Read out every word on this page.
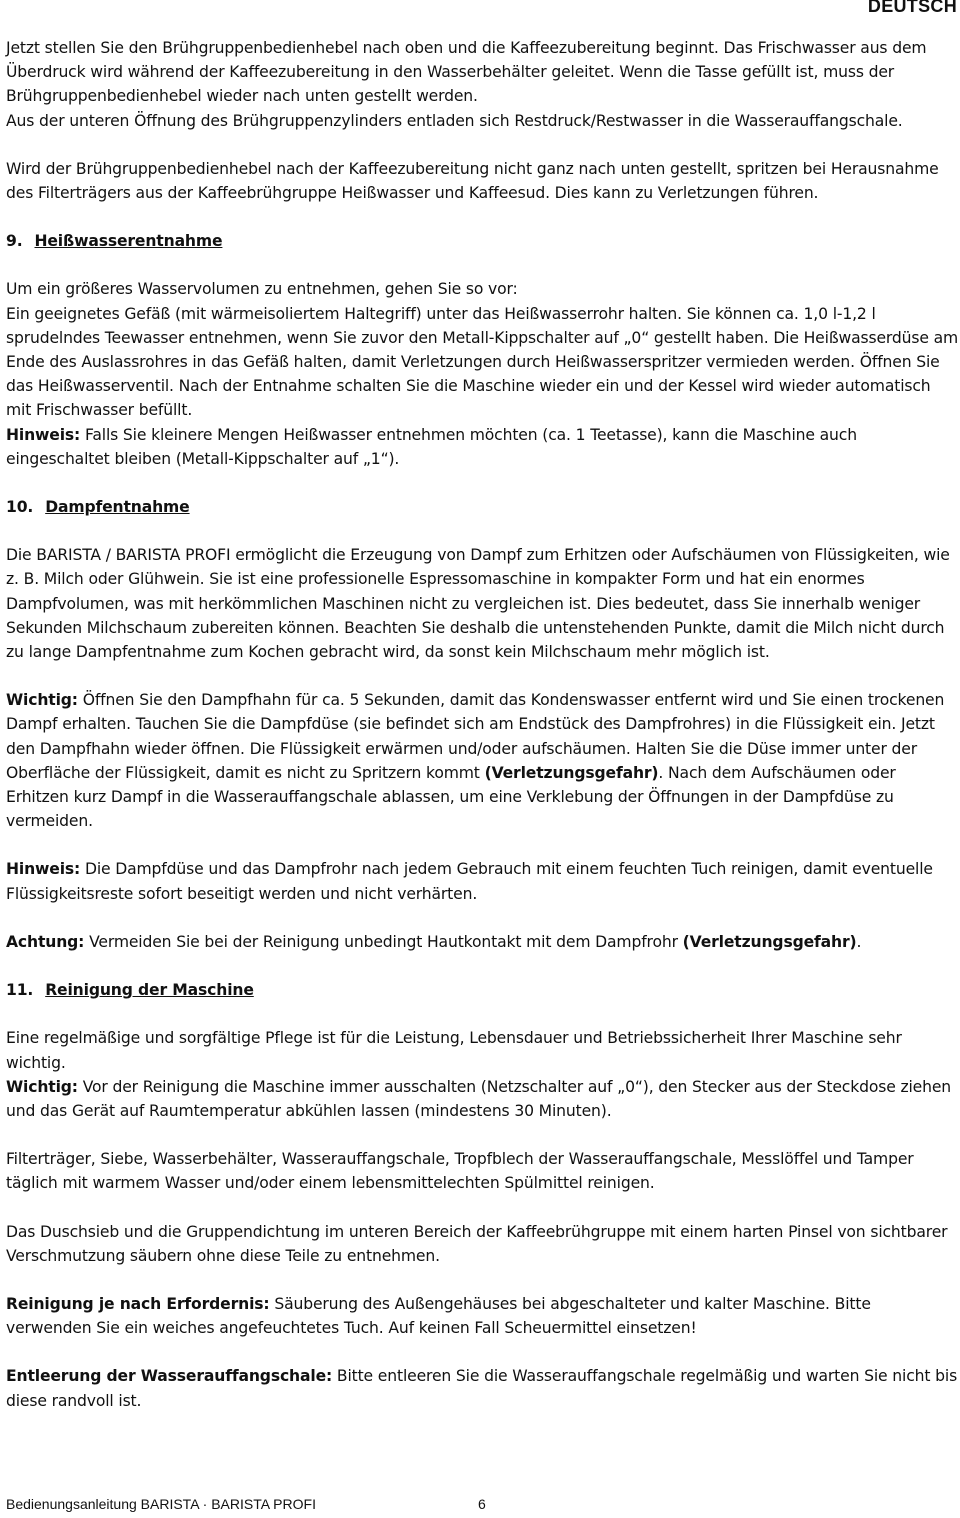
DEUTSCH

Jetzt stellen Sie den Brühgruppenbedienhebel nach oben und die Kaffeezubereitung beginnt. Das Frischwasser aus dem Überdruck wird während der Kaffeezubereitung in den Wasserbehälter geleitet. Wenn die Tasse gefüllt ist, muss der Brühgruppenbedienhebel wieder nach unten gestellt werden.

Aus der unteren Öffnung des Brühgruppenzylinders entladen sich Restdruck/Restwasser in die Wasserauffangschale.

Wird der Brühgruppenbedienhebel nach der Kaffeezubereitung nicht ganz nach unten gestellt, spritzen bei Herausnahme des Filterträgers aus der Kaffeebrühgruppe Heißwasser und Kaffeesud. Dies kann zu Verletzungen führen.

9. Heißwasserentnahme

Um ein größeres Wasservolumen zu entnehmen, gehen Sie so vor:

Ein geeignetes Gefäß (mit wärmeisoliertem Haltegriff) unter das Heißwasserrohr halten. Sie können ca. 1,0 l-1,2 l sprudelndes Teewasser entnehmen, wenn Sie zuvor den Metall-Kippschalter auf „0“ gestellt haben. Die Heißwasserdüse am Ende des Auslassrohres in das Gefäß halten, damit Verletzungen durch Heißwasserspritzer vermieden werden. Öffnen Sie das Heißwasserventil. Nach der Entnahme schalten Sie die Maschine wieder ein und der Kessel wird wieder automatisch mit Frischwasser befüllt.

Hinweis: Falls Sie kleinere Mengen Heißwasser entnehmen möchten (ca. 1 Teetasse), kann die Maschine auch eingeschaltet bleiben (Metall-Kippschalter auf „1“).

10. Dampfentnahme

Die BARISTA / BARISTA PROFI ermöglicht die Erzeugung von Dampf zum Erhitzen oder Aufschäumen von Flüssigkeiten, wie z. B. Milch oder Glühwein. Sie ist eine professionelle Espressomaschine in kompakter Form und hat ein enormes Dampfvolumen, was mit herkömmlichen Maschinen nicht zu vergleichen ist. Dies bedeutet, dass Sie innerhalb weniger Sekunden Milchschaum zubereiten können. Beachten Sie deshalb die untenstehenden Punkte, damit die Milch nicht durch zu lange Dampfentnahme zum Kochen gebracht wird, da sonst kein Milchschaum mehr möglich ist.

Wichtig: Öffnen Sie den Dampfhahn für ca. 5 Sekunden, damit das Kondenswasser entfernt wird und Sie einen trockenen Dampf erhalten. Tauchen Sie die Dampfdüse (sie befindet sich am Endstück des Dampfrohres) in die Flüssigkeit ein. Jetzt den Dampfhahn wieder öffnen. Die Flüssigkeit erwärmen und/oder aufschäumen. Halten Sie die Düse immer unter der Oberfläche der Flüssigkeit, damit es nicht zu Spritzern kommt (Verletzungsgefahr). Nach dem Aufschäumen oder Erhitzen kurz Dampf in die Wasserauffangschale ablassen, um eine Verklebung der Öffnungen in der Dampfdüse zu vermeiden.

Hinweis: Die Dampfdüse und das Dampfrohr nach jedem Gebrauch mit einem feuchten Tuch reinigen, damit eventuelle Flüssigkeitsreste sofort beseitigt werden und nicht verhärten.

Achtung: Vermeiden Sie bei der Reinigung unbedingt Hautkontakt mit dem Dampfrohr (Verletzungsgefahr).

11. Reinigung der Maschine

Eine regelmäßige und sorgfältige Pflege ist für die Leistung, Lebensdauer und Betriebssicherheit Ihrer Maschine sehr wichtig.

Wichtig: Vor der Reinigung die Maschine immer ausschalten (Netzschalter auf „0“), den Stecker aus der Steckdose ziehen und das Gerät auf Raumtemperatur abkühlen lassen (mindestens 30 Minuten).

Filterträger, Siebe, Wasserbehälter, Wasserauffangschale, Tropfblech der Wasserauffangschale, Messlöffel und Tamper täglich mit warmem Wasser und/oder einem lebensmittelechten Spülmittel reinigen.

Das Duschsieb und die Gruppendichtung im unteren Bereich der Kaffeebrühgruppe mit einem harten Pinsel von sichtbarer Verschmutzung säubern ohne diese Teile zu entnehmen.

Reinigung je nach Erfordernis: Säuberung des Außengehäuses bei abgeschalteter und kalter Maschine. Bitte verwenden Sie ein weiches angefeuchtetes Tuch. Auf keinen Fall Scheuermittel einsetzen!

Entleerung der Wasserauffangschale: Bitte entleeren Sie die Wasserauffangschale regelmäßig und warten Sie nicht bis diese randvoll ist.

Bedienungsanleitung BARISTA · BARISTA PROFI	6
